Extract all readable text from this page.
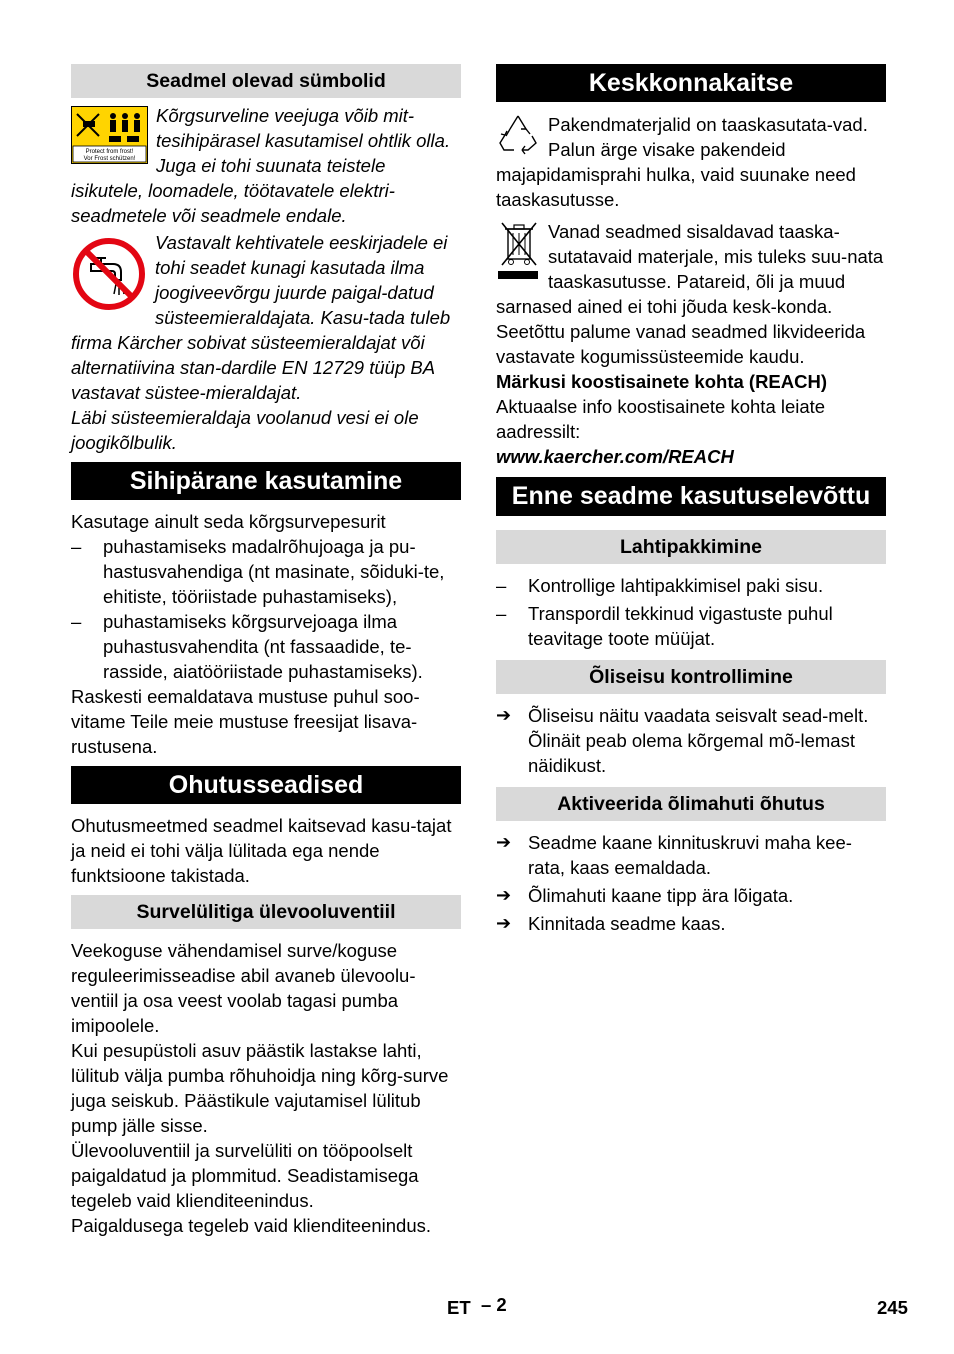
Seadmel olevad sümbolid
Protect from frost!
Vor Frost schützen!

Kõrgsurveline veejuga võib mit-tesihipärasel kasutamisel ohtlik olla. Juga ei tohi suunata teistele isikutele, loomadele, töötavatele elektri-seadmetele või seadmele endale.

Vastavalt kehtivatele eeskirjadele ei tohi seadet kunagi kasutada ilma joogiveevõrgu juurde paigal-datud süsteemieraldajata. Kasu-tada tuleb firma Kärcher sobivat süsteemieraldajat või alternatiivina stan-dardile EN 12729 tüüp BA vastavat süstee-mieraldajat.

Läbi süsteemieraldaja voolanud vesi ei ole joogikõlbulik.

Sihipärane kasutamine

Kasutage ainult seda kõrgsurvepesurit

– puhastamiseks madalrõhujoaga ja pu-hastusvahendiga (nt masinate, sõiduki-te, ehitiste, tööriistade puhastamiseks),
– puhastamiseks kõrgsurvejoaga ilma puhastusvahendita (nt fassaadide, te-rasside, aiatööriistade puhastamiseks).

Raskesti eemaldatava mustuse puhul soo-vitame Teile meie mustuse freesijat lisava-rustusena.

Ohutusseadised

Ohutusmeetmed seadmel kaitsevad kasu-tajat ja neid ei tohi välja lülitada ega nende funktsioone takistada.

Survelülitiga ülevooluventiil

Veekoguse vähendamisel surve/koguse reguleerimisseadise abil avaneb ülevoolu-ventiil ja osa veest voolab tagasi pumba imipoolele.

Kui pesupüstoli asuv päästik lastakse lahti, lülitub välja pumba rõhuhoidja ning kõrg-surve juga seiskub. Päästikule vajutamisel lülitub pump jälle sisse.

Ülevooluventiil ja survelüliti on tööpoolselt paigaldatud ja plommitud. Seadistamisega tegeleb vaid klienditeenindus.

Paigaldusega tegeleb vaid klienditeenindus.

Keskkonnakaitse

Pakendmaterjalid on taaskasutata-vad. Palun ärge visake pakendeid majapidamisprahi hulka, vaid suunake need taaskasutusse.

Vanad seadmed sisaldavad taaska-sutatavaid materjale, mis tuleks suu-nata taaskasutusse. Patareid, õli ja muud sarnased ained ei tohi jõuda kesk-konda. Seetõttu palume vanad seadmed likvideerida vastavate kogumissüsteemide kaudu.

Märkusi koostisainete kohta (REACH)

Aktuaalse info koostisainete kohta leiate aadressilt:

www.kaercher.com/REACH

Enne seadme kasutuselevõttu
Lahtipakkimine
– Kontrollige lahtipakkimisel paki sisu.
– Transpordil tekkinud vigastuste puhul teavitage toote müüjat.
Õliseisu kontrollimine
➔ Õliseisu näitu vaadata seisvalt sead-melt. Õlinäit peab olema kõrgemal mõ-lemast näidikust.
Aktiveerida õlimahuti õhutus
➔ Seadme kaane kinnituskruvi maha kee-rata, kaas eemaldada.
➔ Õlimahuti kaane tipp ära lõigata.
➔ Kinnitada seadme kaas.
ET – 2	245
